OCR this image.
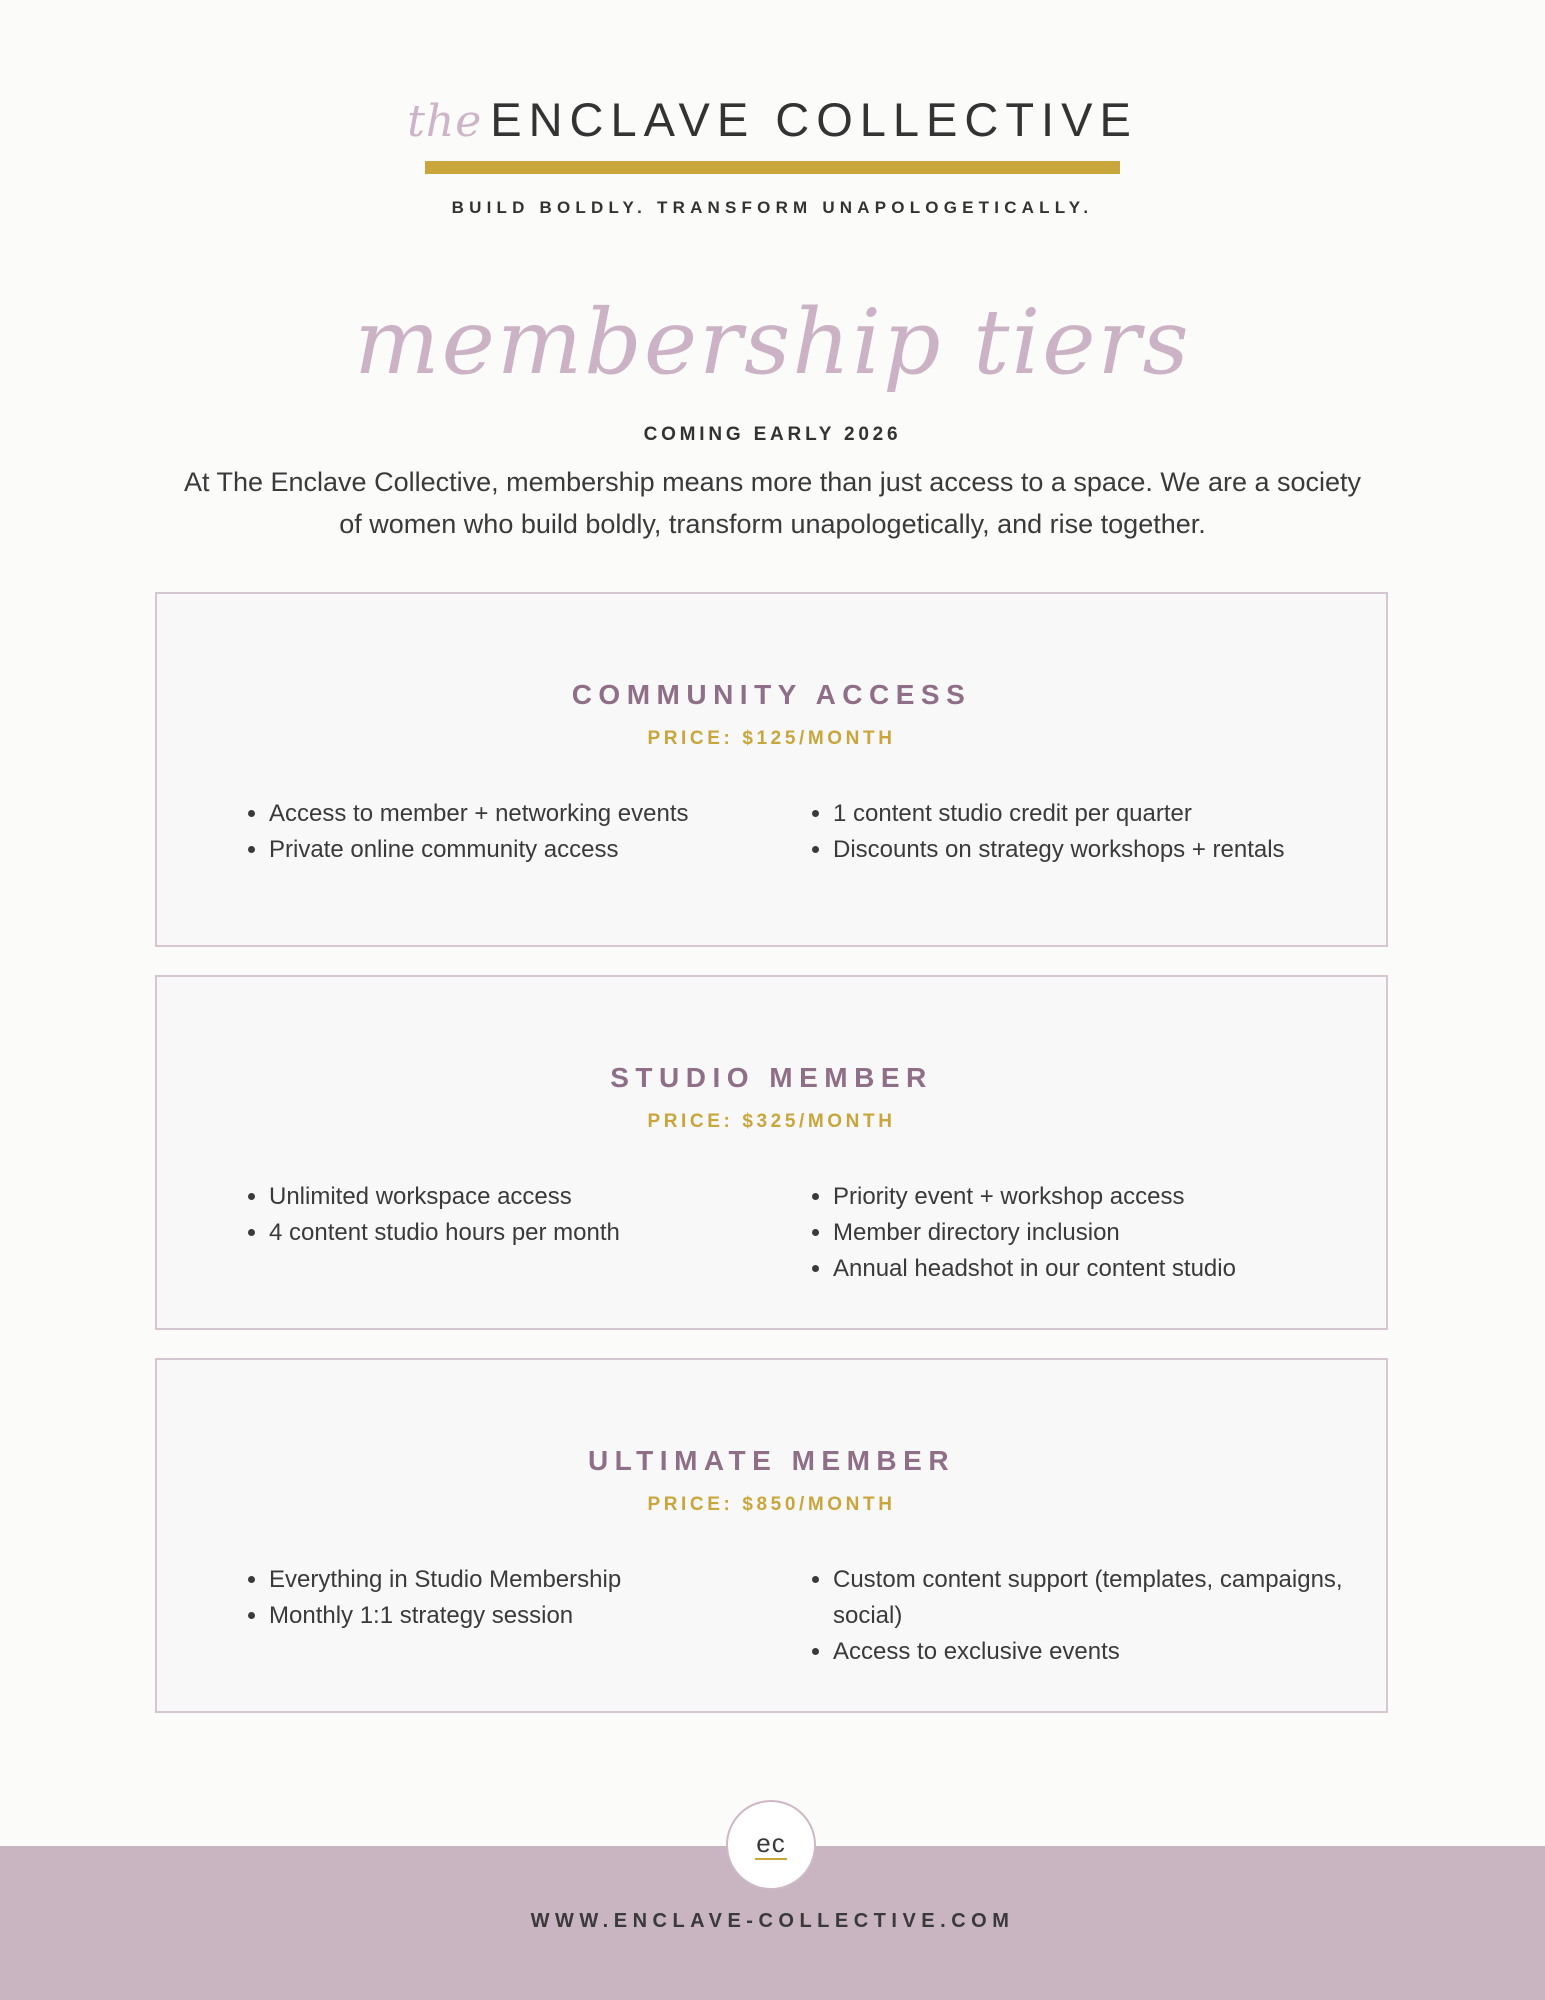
the ENCLAVE COLLECTIVE
BUILD BOLDLY. TRANSFORM UNAPOLOGETICALLY.
membership tiers
COMING EARLY 2026
At The Enclave Collective, membership means more than just access to a space. We are a society of women who build boldly, transform unapologetically, and rise together.
COMMUNITY ACCESS
PRICE: $125/MONTH
• Access to member + networking events
• Private online community access
• 1 content studio credit per quarter
• Discounts on strategy workshops + rentals
STUDIO MEMBER
PRICE: $325/MONTH
• Unlimited workspace access
• 4 content studio hours per month
• Priority event + workshop access
• Member directory inclusion
• Annual headshot in our content studio
ULTIMATE MEMBER
PRICE: $850/MONTH
• Everything in Studio Membership
• Monthly 1:1 strategy session
• Custom content support (templates, campaigns, social)
• Access to exclusive events
WWW.ENCLAVE-COLLECTIVE.COM
ec
